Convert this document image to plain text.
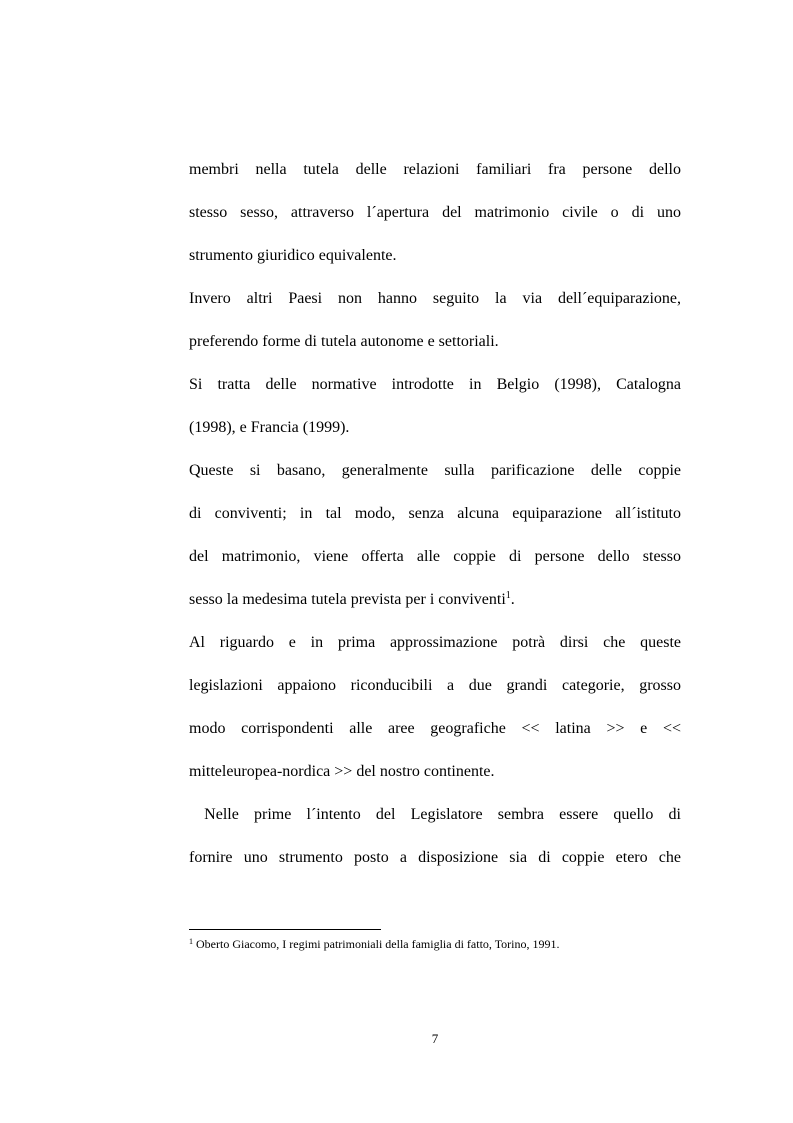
membri nella tutela delle relazioni familiari fra persone dello
stesso sesso, attraverso l´apertura del matrimonio civile o di uno
strumento giuridico equivalente.
Invero altri Paesi non hanno seguito la via dell´equiparazione,
preferendo forme di tutela autonome e settoriali.
Si tratta delle normative introdotte in Belgio (1998), Catalogna
(1998), e Francia (1999).
Queste si basano, generalmente sulla parificazione delle coppie
di conviventi; in tal modo, senza alcuna equiparazione all´istituto
del matrimonio, viene offerta alle coppie di persone dello stesso
sesso la medesima tutela prevista per i conviventi$^1$.
Al riguardo e in prima approssimazione potrà dirsi che queste
legislazioni appaiono riconducibili a due grandi categorie, grosso
modo corrispondenti alle aree geografiche << latina >> e <<
mitteleuropea-nordica >> del nostro continente.
Nelle prime l´intento del Legislatore sembra essere quello di
fornire uno strumento posto a disposizione sia di coppie etero che
$^1$ Oberto Giacomo, I regimi patrimoniali della famiglia di fatto, Torino, 1991.
7
